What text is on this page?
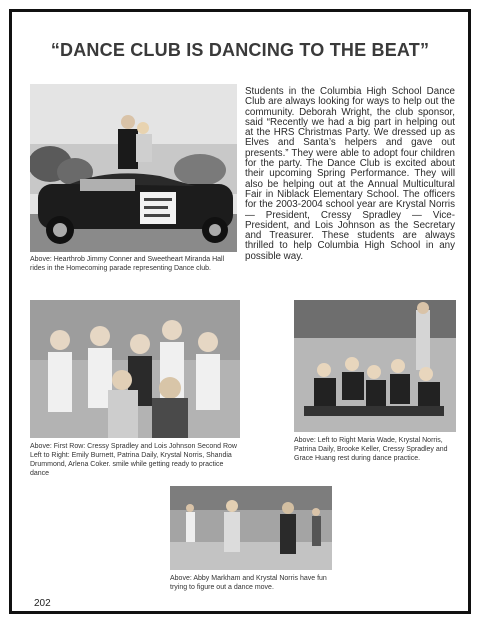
“DANCE CLUB IS DANCING TO THE BEAT”
Above: Hearthrob Jimmy Conner and Sweetheart Miranda Hall rides in the Homecoming parade representing Dance club.
Students in the Columbia High School Dance Club are always looking for ways to help out the community. Deborah Wright, the club sponsor, said “Recently we had a big part in helping out at the HRS Christmas Party. We dressed up as Elves and Santa’s helpers and gave out presents.” They were able to adopt four children for the party. The Dance Club is excited about their upcoming Spring Performance. They will also be helping out at the Annual Multicultural Fair in Niblack Elementary School. The officers for the 2003-2004 school year are Krystal Norris — President, Cressy Spradley — Vice-President, and Lois Johnson as the Secretary and Treasurer. These students are always thrilled to help Columbia High School in any possible way.
Above: First Row: Cressy Spradley and Lois Johnson Second Row Left to Right: Emily Burnett, Patrina Daily, Krystal Norris, Shandia Drummond, Arlena Coker. smile while getting ready to practice dance
Above: Left to Right Maria Wade, Krystal Norris, Patrina Daily, Brooke Keller, Cressy Spradley and Grace Huang rest during dance practice.
Above: Abby Markham and Krystal Norris have fun trying to figure out a dance move.
202
